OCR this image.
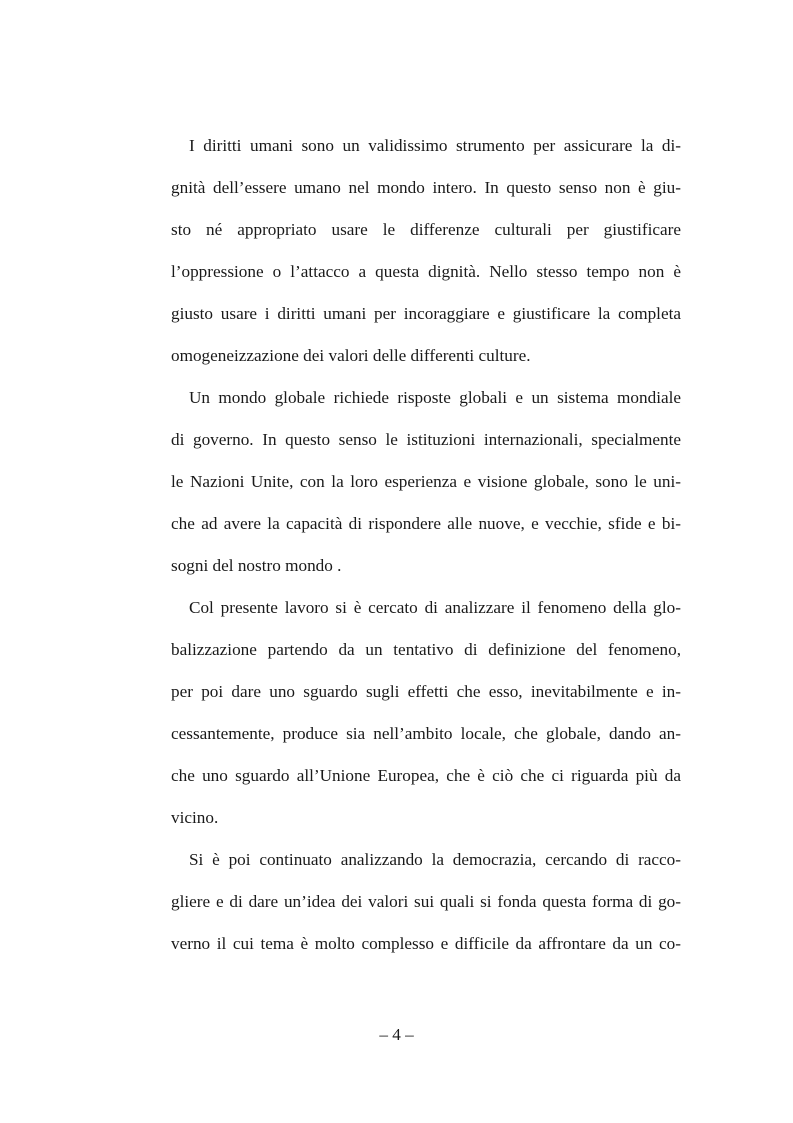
I diritti umani sono un validissimo strumento per assicurare la di-
gnità dell’essere umano nel mondo intero. In questo senso non è giu-
sto né appropriato usare le differenze culturali per giustificare
l’oppressione o l’attacco a questa dignità. Nello stesso tempo non è
giusto usare i diritti umani per incoraggiare e giustificare la completa
omogeneizzazione dei valori delle differenti culture.
Un mondo globale richiede risposte globali e un sistema mondiale
di governo. In questo senso le istituzioni internazionali, specialmente
le Nazioni Unite, con la loro esperienza e visione globale, sono le uni-
che ad avere la capacità di rispondere alle nuove, e vecchie, sfide e bi-
sogni del nostro mondo .
Col presente lavoro si è cercato di analizzare il fenomeno della glo-
balizzazione partendo da un tentativo di definizione del fenomeno,
per poi dare uno sguardo sugli effetti che esso, inevitabilmente e in-
cessantemente, produce sia nell’ambito locale, che globale, dando an-
che uno sguardo all’Unione Europea, che è ciò che ci riguarda più da
vicino.
Si è poi continuato analizzando la democrazia, cercando di racco-
gliere e di dare un’idea dei valori sui quali si fonda questa forma di go-
verno il cui tema è molto complesso e difficile da affrontare da un co-
– 4 –
